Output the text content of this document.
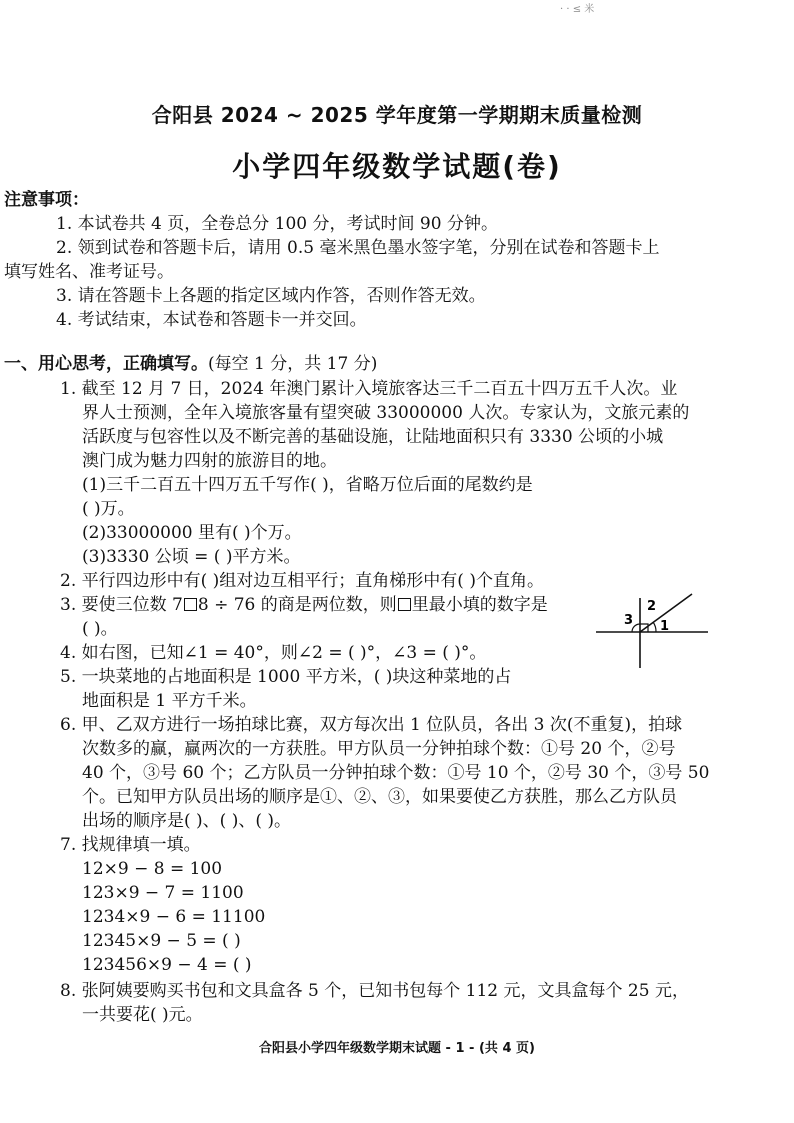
· · ≤ 米
合阳县 2024 ~ 2025 学年度第一学期期末质量检测
小学四年级数学试题(卷)
注意事项：
1. 本试卷共 4 页，全卷总分 100 分，考试时间 90 分钟。
2. 领到试卷和答题卡后，请用 0.5 毫米黑色墨水签字笔，分别在试卷和答题卡上
填写姓名、准考证号。
3. 请在答题卡上各题的指定区域内作答，否则作答无效。
4. 考试结束，本试卷和答题卡一并交回。
一、用心思考，正确填写。(每空 1 分，共 17 分)
1. 截至 12 月 7 日，2024 年澳门累计入境旅客达三千二百五十四万五千人次。业
界人士预测，全年入境旅客量有望突破 33000000 人次。专家认为，文旅元素的
活跃度与包容性以及不断完善的基础设施，让陆地面积只有 3330 公顷的小城
澳门成为魅力四射的旅游目的地。
(1)三千二百五十四万五千写作( )，省略万位后面的尾数约是
( )万。
(2)33000000 里有( )个万。
(3)3330 公顷 = ( )平方米。
2. 平行四边形中有( )组对边互相平行；直角梯形中有( )个直角。
3. 要使三位数 7 8 ÷ 76 的商是两位数，则 里最小填的数字是
( )。	1
2
3
4. 如右图，已知∠1 = 40°，则∠2 = ( )°，∠3 = ( )°。
5. 一块菜地的占地面积是 1000 平方米，( )块这种菜地的占
地面积是 1 平方千米。
6. 甲、乙双方进行一场拍球比赛，双方每次出 1 位队员，各出 3 次(不重复)，拍球
次数多的赢，赢两次的一方获胜。甲方队员一分钟拍球个数：①号 20 个，②号
40 个，③号 60 个；乙方队员一分钟拍球个数：①号 10 个，②号 30 个，③号 50
个。已知甲方队员出场的顺序是①、②、③，如果要使乙方获胜，那么乙方队员
出场的顺序是( )、( )、( )。
7. 找规律填一填。
12×9 − 8 = 100
123×9 − 7 = 1100
1234×9 − 6 = 11100
12345×9 − 5 = ( )
123456×9 − 4 = ( )
8. 张阿姨要购买书包和文具盒各 5 个，已知书包每个 112 元，文具盒每个 25 元，
一共要花( )元。
合阳县小学四年级数学期末试题 - 1 - (共 4 页)
